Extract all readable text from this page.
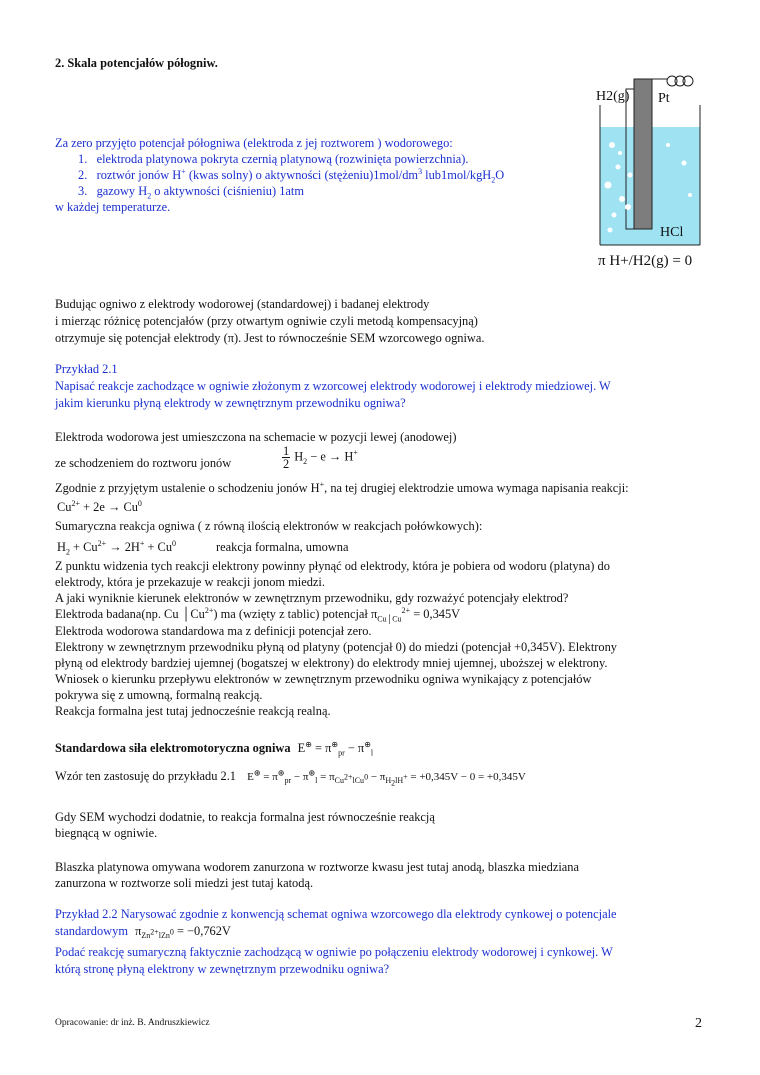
2. Skala potencjałów półogniw.
Za zero przyjęto potencjał półogniwa (elektroda z jej roztworem ) wodorowego:
1. elektroda platynowa pokryta czernią platynową (rozwinięta powierzchnia).
2. roztwór jonów H+ (kwas solny) o aktywności $(stężeniu)1mol/dm^3$ lub1mol/kgH$_2$O
3. gazowy $H_2$ o aktywności (ciśnieniu) 1atm
w każdej temperaturze.
H2(g) Pt
HCl
π H+/H2(g) = 0
Budując ogniwo z elektrody wodorowej (standardowej) i badanej elektrody
i mierząc różnicę potencjałów (przy otwartym ogniwie czyli metodą kompensacyjną)
otrzymuje się potencjał elektrody (π). Jest to równocześnie SEM wzorcowego ogniwa.
Przykład 2.1
Napisać reakcje zachodzące w ogniwie złożonym z wzorcowej elektrody wodorowej i elektrody miedziowej. W
jakim kierunku płyną elektrody w zewnętrznym przewodniku ogniwa?
Elektroda wodorowa jest umieszczona na schemacie w pozycji lewej (anodowej)
ze schodzeniem do roztworu jonów	$\frac{1}{2} H_2 - e \to H^+$
Zgodnie z przyjętym ustalenie o schodzeniu jonów H+, na tej drugiej elektrodzie umowa wymaga napisania reakcji:
$Cu^{2+} + 2e \to Cu^0$
Sumaryczna reakcja ogniwa ( z równą ilością elektronów w reakcjach połówkowych):
$H_2 + Cu^{2+} \to 2H^+ + Cu^0$	reakcja formalna, umowna
Z punktu widzenia tych reakcji elektrony powinny płynąć od elektrody, która je pobiera od wodoru (platyna) do
elektrody, która je przekazuje w reakcji jonom miedzi.
A jaki wyniknie kierunek elektronów w zewnętrznym przewodniku, gdy rozważyć potencjały elektrod?
Elektroda badana(np. Cu $│Cu^{2+}$) ma (wzięty z tablic) potencjał $\pi_{Cu│Cu}^{2+} = 0,345V$
Elektroda wodorowa standardowa ma z definicji potencjał zero.
Elektrony w zewnętrznym przewodniku płyną od platyny (potencjał 0) do miedzi (potencjał +0,345V). Elektrony
płyną od elektrody bardziej ujemnej (bogatszej w elektrony) do elektrody mniej ujemnej, uboższej w elektrony.
Wniosek o kierunku przepływu elektronów w zewnętrznym przewodniku ogniwa wynikający z potencjałów
pokrywa się z umowną, formalną reakcją.
Reakcja formalna jest tutaj jednocześnie reakcją realną.
Standardowa siła elektromotoryczna ogniwa $E^\oplus = \pi^\oplus_{pr} - \pi^\oplus_l$
Wzór ten zastosuję do przykładu 2.1 $E^\oplus = \pi^\oplus_{pr} - \pi^\oplus_l = \pi_{Cu^{2+}lCu^0} - \pi_{H_2lH^+} = +0,345V - 0 = +0,345V$
Gdy SEM wychodzi dodatnie, to reakcja formalna jest równocześnie reakcją
biegnącą w ogniwie.
Blaszka platynowa omywana wodorem zanurzona w roztworze kwasu jest tutaj anodą, blaszka miedziana
zanurzona w roztworze soli miedzi jest tutaj katodą.
Przykład 2.2 Narysować zgodnie z konwencją schemat ogniwa wzorcowego dla elektrody cynkowej o potencjale
standardowym $\pi_{Zn^{2+}lZn^0} = -0,762V$
Podać reakcję sumaryczną faktycznie zachodzącą w ogniwie po połączeniu elektrody wodorowej i cynkowej. W
którą stronę płyną elektrony w zewnętrznym przewodniku ogniwa?
Opracowanie: dr inż. B. Andruszkiewicz	2
